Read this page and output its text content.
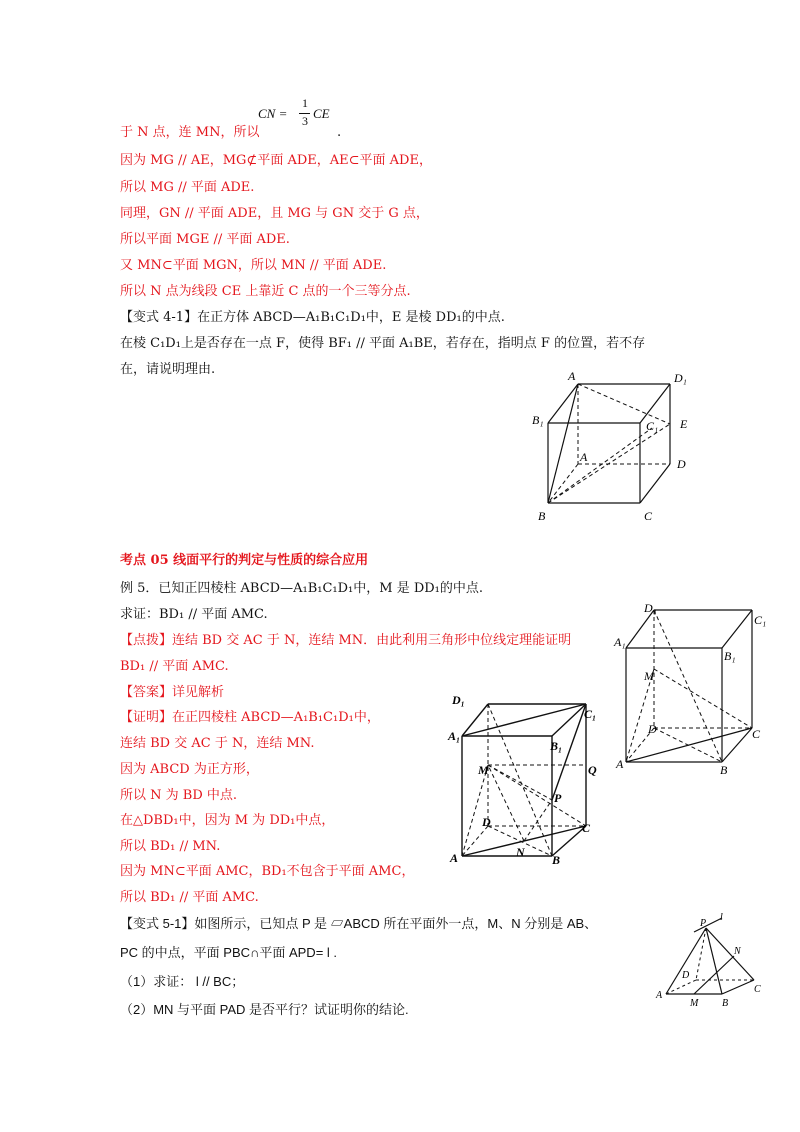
CN =
1
3 CE
于 N 点，连 MN，所以	.
因为 MG // AE，MG⊄平面 ADE，AE⊂平面 ADE，
所以 MG // 平面 ADE.
同理，GN // 平面 ADE，且 MG 与 GN 交于 G 点，
所以平面 MGE // 平面 ADE.
又 MN⊂平面 MGN，所以 MN // 平面 ADE.
所以 N 点为线段 CE 上靠近 C 点的一个三等分点.
【变式 4-1】在正方体 ABCD—A₁B₁C₁D₁中，E 是棱 DD₁的中点.
在棱 C₁D₁上是否存在一点 F，使得 BF₁ // 平面 A₁BE，若存在，指明点 F 的位置，若不存
在，请说明理由.	A	D₁
B₁	C₁ E
A	D
B	C
考点 05 线面平行的判定与性质的综合应用
例 5．已知正四棱柱 ABCD—A₁B₁C₁D₁中，M 是 DD₁的中点.
求证：BD₁ // 平面 AMC.
【点拨】连结 BD 交 AC 于 N，连结 MN．由此利用三角形中位线定理能证明
BD₁ // 平面 AMC.
【答案】详见解析
【证明】在正四棱柱 ABCD—A₁B₁C₁D₁中，
连结 BD 交 AC 于 N，连结 MN.
因为 ABCD 为正方形，
所以 N 为 BD 中点.
在△DBD₁中，因为 M 为 DD₁中点，
所以 BD₁ // MN.
因为 MN⊂平面 AMC，BD₁不包含于平面 AMC，
所以 BD₁ // 平面 AMC.
D₁
C₁
A₁
B₁
M
D	C
A	B
D₁
C₁
A₁
B₁
M	Q
P
D	C
N
A	B
【变式 5-1】如图所示，已知点 P 是 ▱ABCD 所在平面外一点，M、N 分别是 AB、
PC 的中点，平面 PBC∩平面 APD= l .
（1）求证： l // BC；
（2）MN 与平面 PAD 是否平行？试证明你的结论.
P
l
N
D
A
M B
C
